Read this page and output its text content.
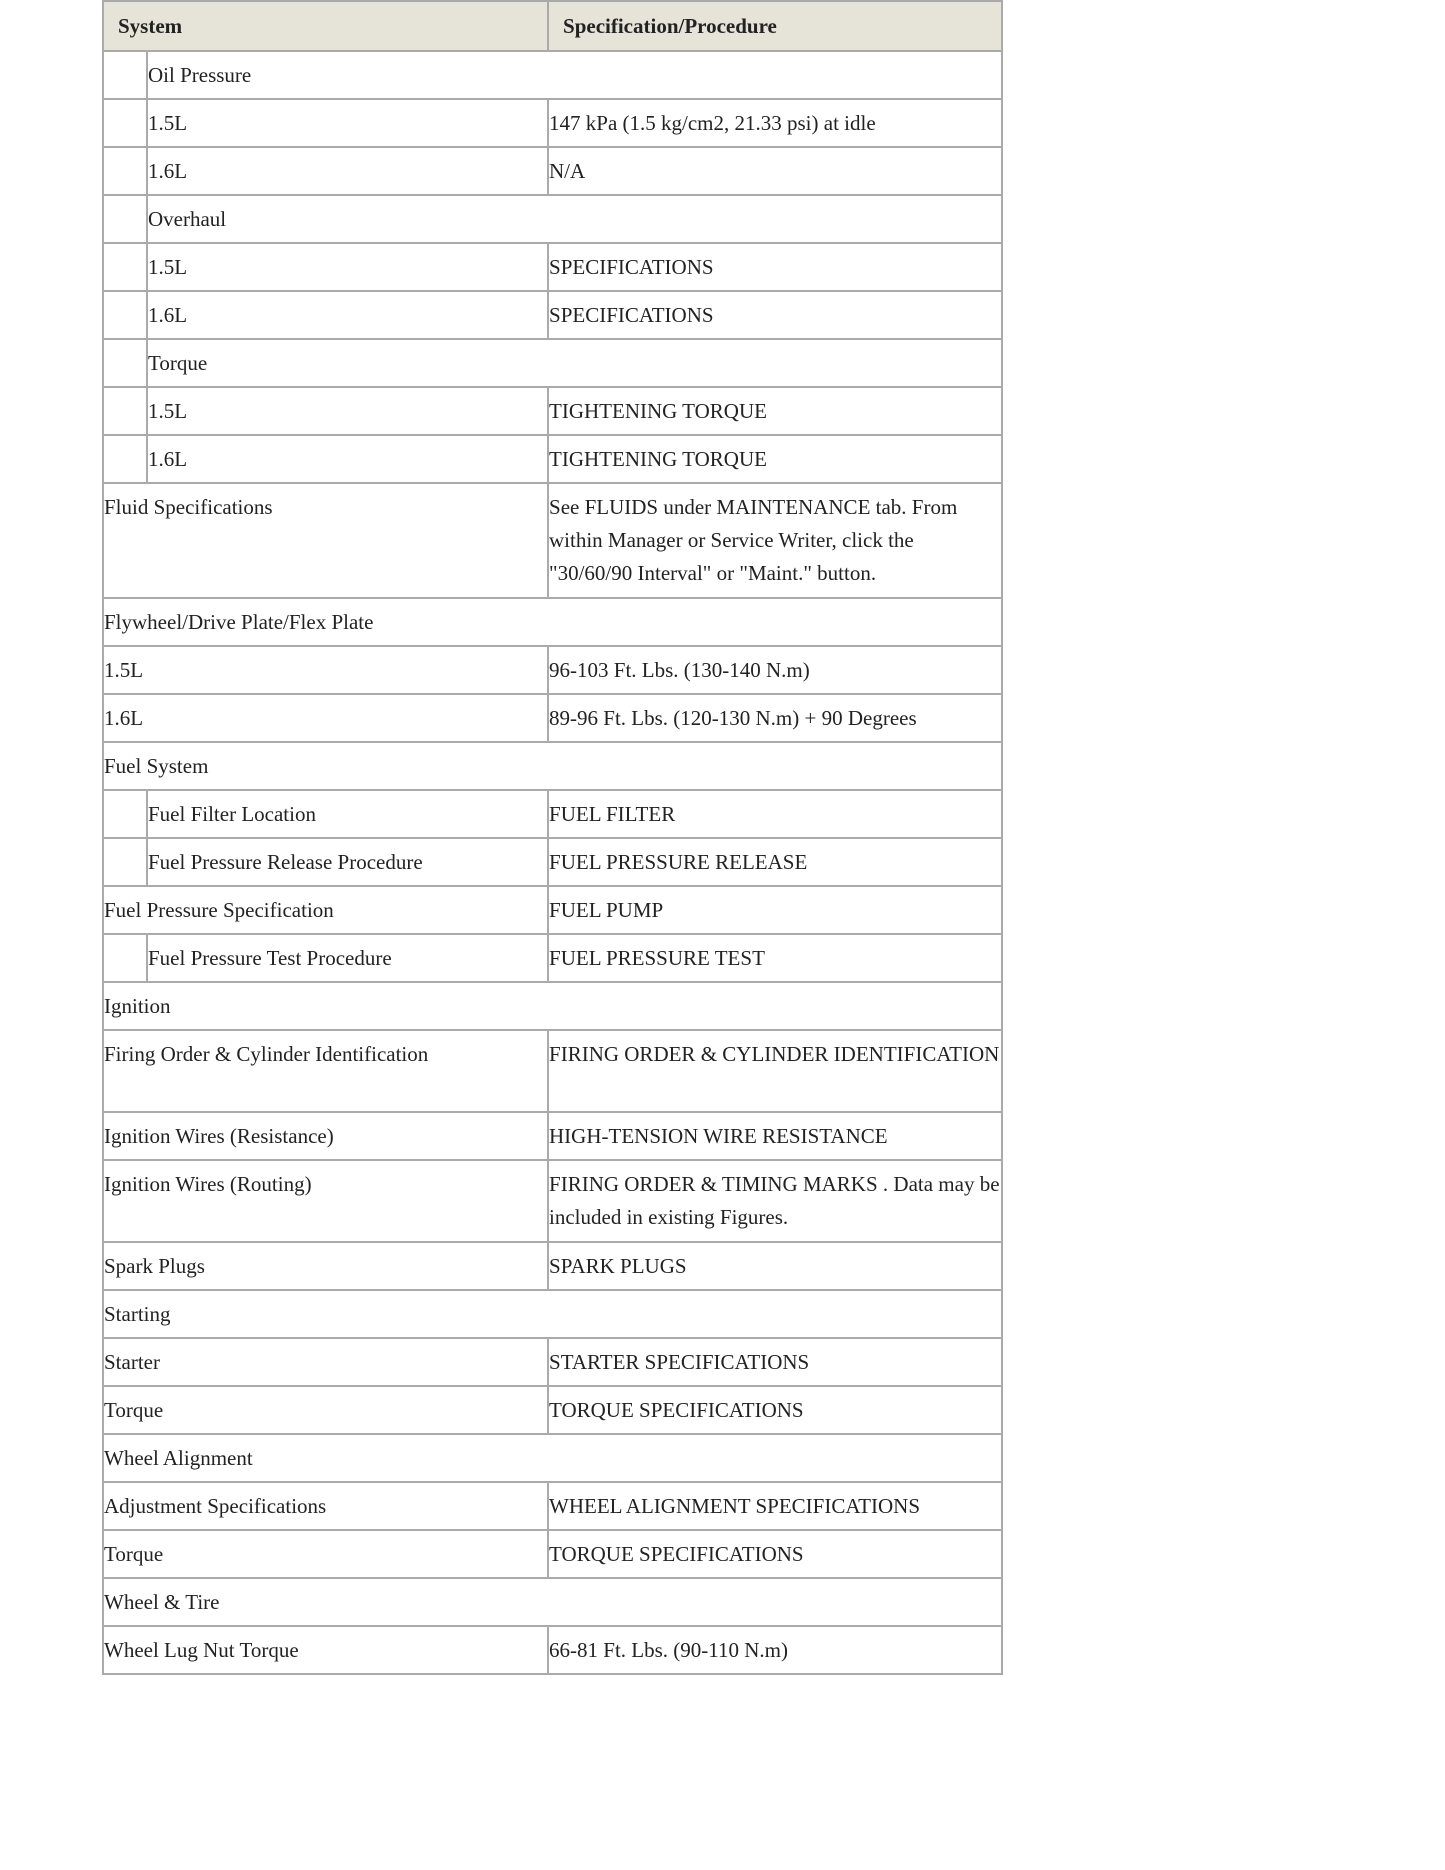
System		Specification/Procedure
	Oil Pressure	
	1.5L	147 kPa (1.5 kg/cm2, 21.33 psi) at idle
	1.6L	N/A
	Overhaul	
	1.5L	SPECIFICATIONS
	1.6L	SPECIFICATIONS
	Torque	
	1.5L	TIGHTENING TORQUE
	1.6L	TIGHTENING TORQUE
Fluid Specifications		See FLUIDS under MAINTENANCE tab. From within Manager or Service Writer, click the "30/60/90 Interval" or "Maint." button.
Flywheel/Drive Plate/Flex Plate		
1.5L		96-103 Ft. Lbs. (130-140 N.m)
1.6L		89-96 Ft. Lbs. (120-130 N.m) + 90 Degrees
Fuel System		
	Fuel Filter Location	FUEL FILTER
	Fuel Pressure Release Procedure	FUEL PRESSURE RELEASE
Fuel Pressure Specification		FUEL PUMP
	Fuel Pressure Test Procedure	FUEL PRESSURE TEST
Ignition		
Firing Order & Cylinder Identification		FIRING ORDER & CYLINDER IDENTIFICATION
Ignition Wires (Resistance)		HIGH-TENSION WIRE RESISTANCE
Ignition Wires (Routing)		FIRING ORDER & TIMING MARKS . Data may be included in existing Figures.
Spark Plugs		SPARK PLUGS
Starting		
Starter		STARTER SPECIFICATIONS
Torque		TORQUE SPECIFICATIONS
Wheel Alignment		
Adjustment Specifications		WHEEL ALIGNMENT SPECIFICATIONS
Torque		TORQUE SPECIFICATIONS
Wheel & Tire		
Wheel Lug Nut Torque		66-81 Ft. Lbs. (90-110 N.m)
